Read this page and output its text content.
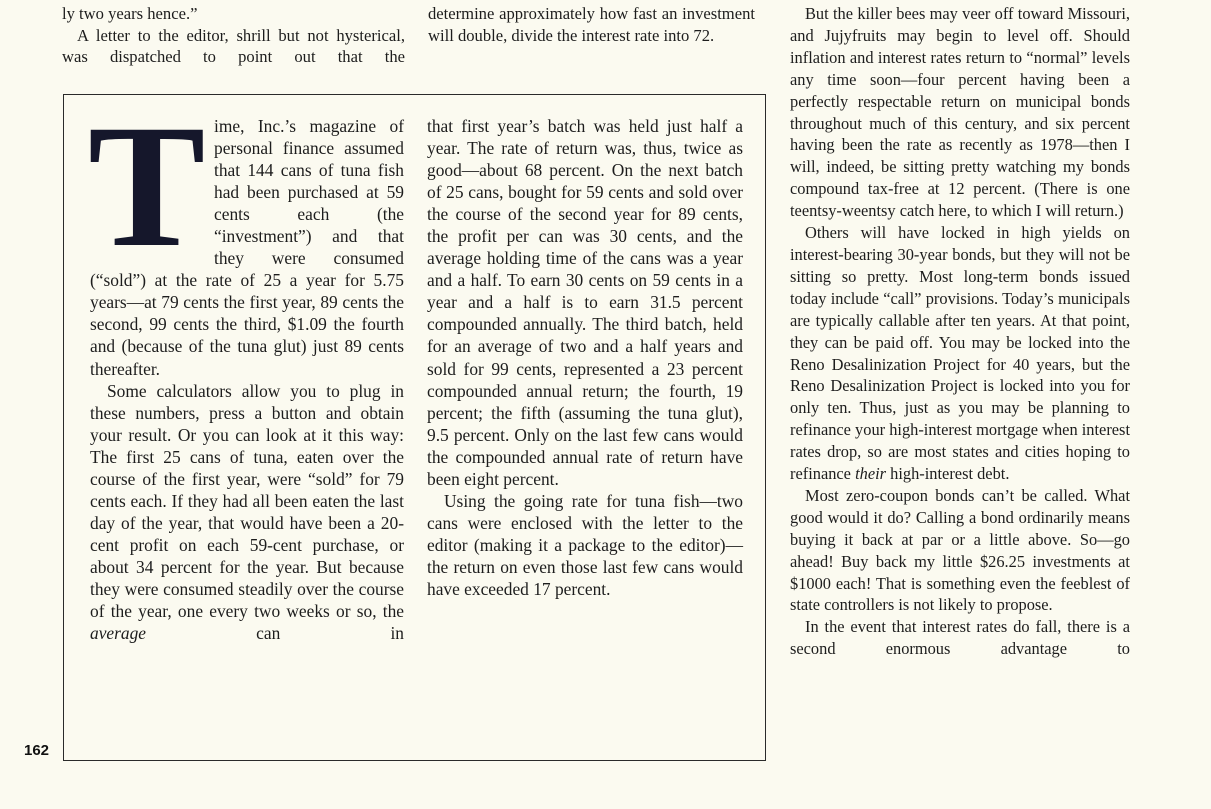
ly two years hence.”

A letter to the editor, shrill but not hysterical, was dispatched to point out that the

determine approximately how fast an investment will double, divide the interest rate into 72.

But the killer bees may veer off toward Missouri, and Jujyfruits may begin to level off. Should inflation and interest rates return to “normal” levels any time soon—four percent having been a perfectly respectable return on municipal bonds throughout much of this century, and six percent having been the rate as recently as 1978—then I will, indeed, be sitting pretty watching my bonds compound tax-free at 12 percent. (There is one teentsy-weentsy catch here, to which I will return.)

Others will have locked in high yields on interest-bearing 30-year bonds, but they will not be sitting so pretty. Most long-term bonds issued today include “call” provisions. Today’s municipals are typically callable after ten years. At that point, they can be paid off. You may be locked into the Reno Desalinization Project for 40 years, but the Reno Desalinization Project is locked into you for only ten. Thus, just as you may be planning to refinance your high-interest mortgage when interest rates drop, so are most states and cities hoping to refinance their high-interest debt.

Most zero-coupon bonds can’t be called. What good would it do? Calling a bond ordinarily means buying it back at par or a little above. So—go ahead! Buy back my little $26.25 investments at $1000 each! That is something even the feeblest of state controllers is not likely to propose.

In the event that interest rates do fall, there is a second enormous advantage to

Time, Inc.’s magazine of personal finance assumed that 144 cans of tuna fish had been purchased at 59 cents each (the “investment”) and that they were consumed (“sold”) at the rate of 25 a year for 5.75 years—at 79 cents the first year, 89 cents the second, 99 cents the third, $1.09 the fourth and (because of the tuna glut) just 89 cents thereafter.

Some calculators allow you to plug in these numbers, press a button and obtain your result. Or you can look at it this way: The first 25 cans of tuna, eaten over the course of the first year, were “sold” for 79 cents each. If they had all been eaten the last day of the year, that would have been a 20-cent profit on each 59-cent purchase, or about 34 percent for the year. But because they were consumed steadily over the course of the year, one every two weeks or so, the average	can in

that first year’s batch was held just half a year. The rate of return was, thus, twice as good—about 68 percent. On the next batch of 25 cans, bought for 59 cents and sold over the course of the second year for 89 cents, the profit per can was 30 cents, and the average holding time of the cans was a year and a half. To earn 30 cents on 59 cents in a year and a half is to earn 31.5 percent compounded annually. The third batch, held for an average of two and a half years and sold for 99 cents, represented a 23 percent compounded annual return; the fourth, 19 percent; the fifth (assuming the tuna glut), 9.5 percent. Only on the last few cans would the compounded annual rate of return have been eight percent.

Using the going rate for tuna fish—two cans were enclosed with the letter to the editor (making it a package to the editor)—the return on even those last few cans would have exceeded 17 percent.

162
